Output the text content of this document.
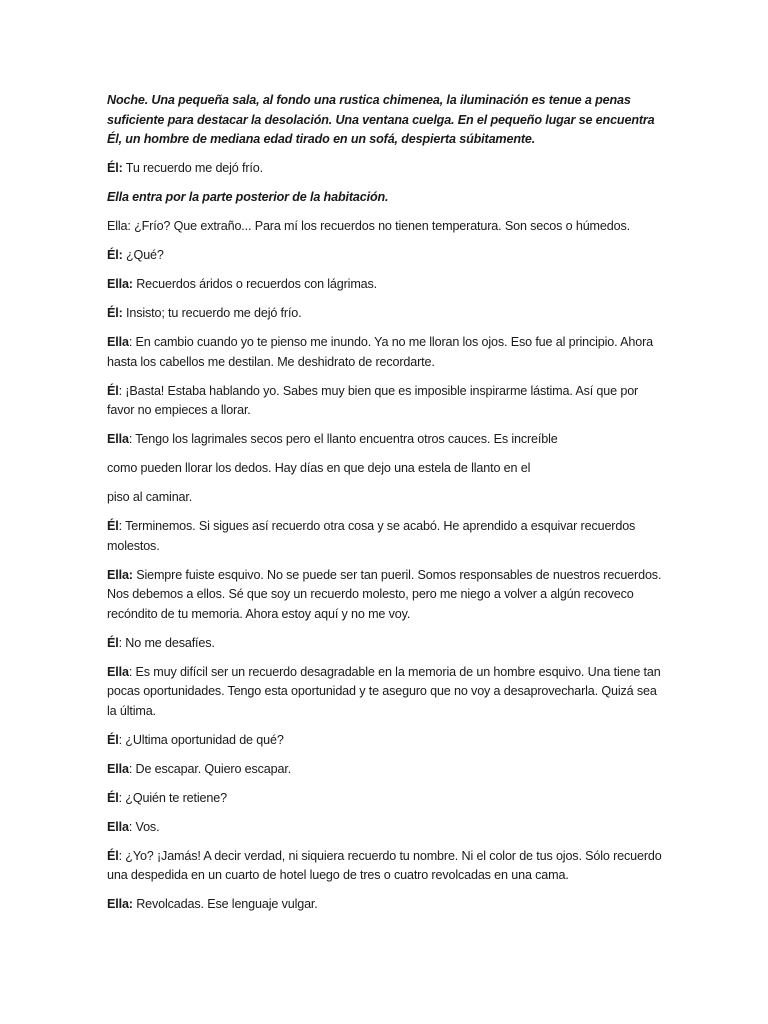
Noche. Una pequeña sala, al fondo una rustica chimenea, la iluminación es tenue a penas suficiente para destacar la desolación. Una ventana cuelga. En el pequeño lugar se encuentra Él, un hombre de mediana edad tirado en un sofá, despierta súbitamente.

Él: Tu recuerdo me dejó frío.

Ella entra por la parte posterior de la habitación.

Ella: ¿Frío? Que extraño... Para mí los recuerdos no tienen temperatura. Son secos o húmedos.

Él: ¿Qué?

Ella: Recuerdos áridos o recuerdos con lágrimas.

Él: Insisto; tu recuerdo me dejó frío.

Ella: En cambio cuando yo te pienso me inundo. Ya no me lloran los ojos. Eso fue al principio. Ahora hasta los cabellos me destilan. Me deshidrato de recordarte.

Él: ¡Basta! Estaba hablando yo. Sabes muy bien que es imposible inspirarme lástima. Así que por favor no empieces a llorar.

Ella: Tengo los lagrimales secos pero el llanto encuentra otros cauces. Es increíble

como pueden llorar los dedos. Hay días en que dejo una estela de llanto en el

piso al caminar.

Él: Terminemos. Si sigues así recuerdo otra cosa y se acabó. He aprendido a esquivar recuerdos molestos.

Ella: Siempre fuiste esquivo. No se puede ser tan pueril. Somos responsables de nuestros recuerdos. Nos debemos a ellos. Sé que soy un recuerdo molesto, pero me niego a volver a algún recoveco recóndito de tu memoria. Ahora estoy aquí y no me voy.

Él: No me desafíes.

Ella: Es muy difícil ser un recuerdo desagradable en la memoria de un hombre esquivo. Una tiene tan pocas oportunidades. Tengo esta oportunidad y te aseguro que no voy a desaprovecharla. Quizá sea la última.

Él: ¿Ultima oportunidad de qué?

Ella: De escapar. Quiero escapar.

Él: ¿Quién te retiene?

Ella: Vos.

Él: ¿Yo? ¡Jamás! A decir verdad, ni siquiera recuerdo tu nombre. Ni el color de tus ojos. Sólo recuerdo una despedida en un cuarto de hotel luego de tres o cuatro revolcadas en una cama.

Ella: Revolcadas. Ese lenguaje vulgar.
